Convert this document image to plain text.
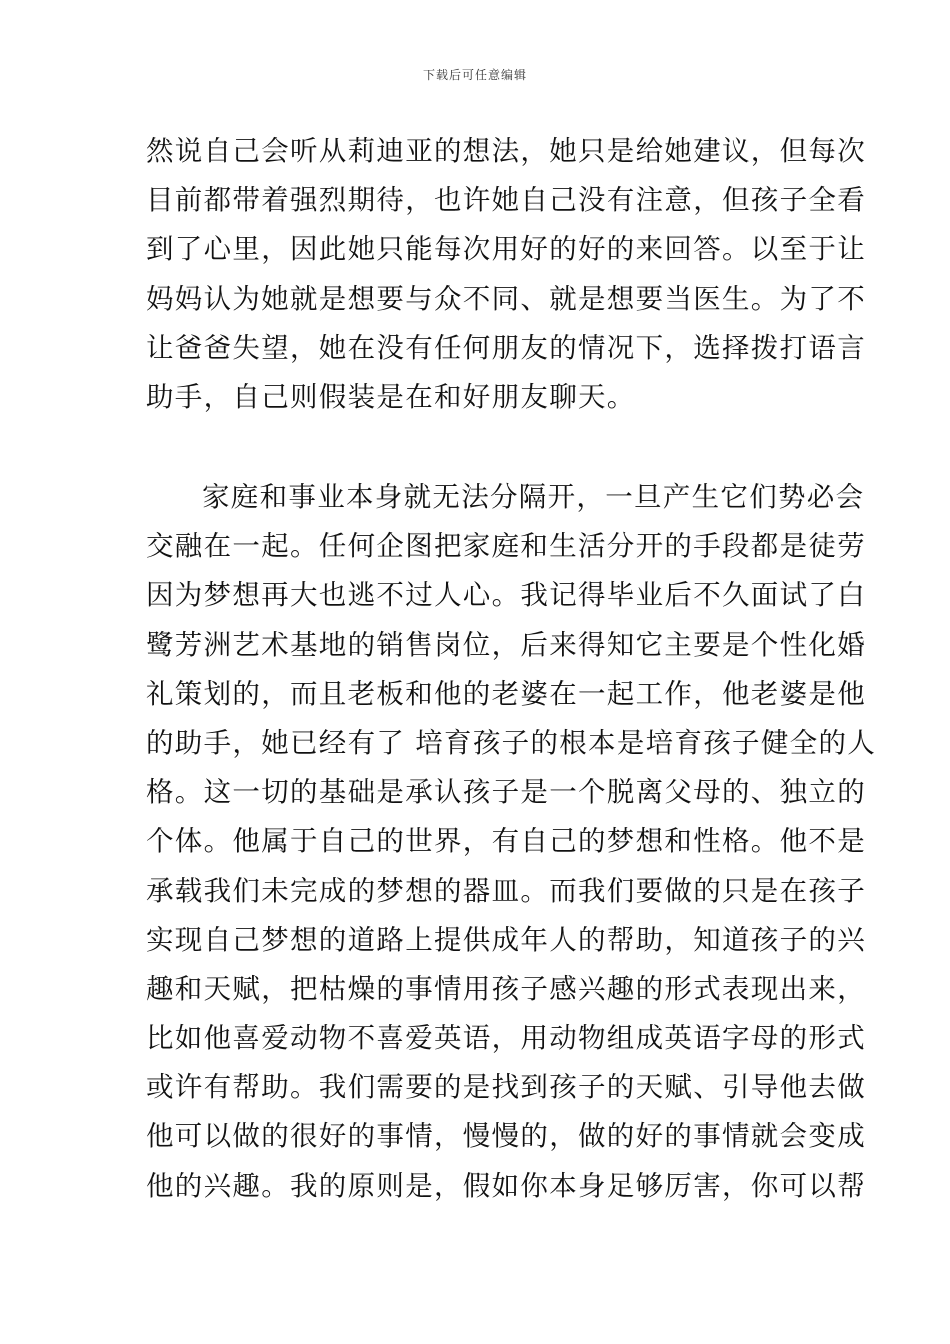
下载后可任意编辑
然说自己会听从莉迪亚的想法，她只是给她建议，但每次
目前都带着强烈期待，也许她自己没有注意，但孩子全看
到了心里，因此她只能每次用好的好的来回答。以至于让
妈妈认为她就是想要与众不同、就是想要当医生。为了不
让爸爸失望，她在没有任何朋友的情况下，选择拨打语言
助手，自己则假装是在和好朋友聊天。
家庭和事业本身就无法分隔开，一旦产生它们势必会
交融在一起。任何企图把家庭和生活分开的手段都是徒劳
因为梦想再大也逃不过人心。我记得毕业后不久面试了白
鹭芳洲艺术基地的销售岗位，后来得知它主要是个性化婚
礼策划的，而且老板和他的老婆在一起工作，他老婆是他
的助手，她已经有了 培育孩子的根本是培育孩子健全的人
格。这一切的基础是承认孩子是一个脱离父母的、独立的
个体。他属于自己的世界，有自己的梦想和性格。他不是
承载我们未完成的梦想的器皿。而我们要做的只是在孩子
实现自己梦想的道路上提供成年人的帮助，知道孩子的兴
趣和天赋，把枯燥的事情用孩子感兴趣的形式表现出来，
比如他喜爱动物不喜爱英语，用动物组成英语字母的形式
或许有帮助。我们需要的是找到孩子的天赋、引导他去做
他可以做的很好的事情，慢慢的，做的好的事情就会变成
他的兴趣。我的原则是，假如你本身足够厉害，你可以帮
